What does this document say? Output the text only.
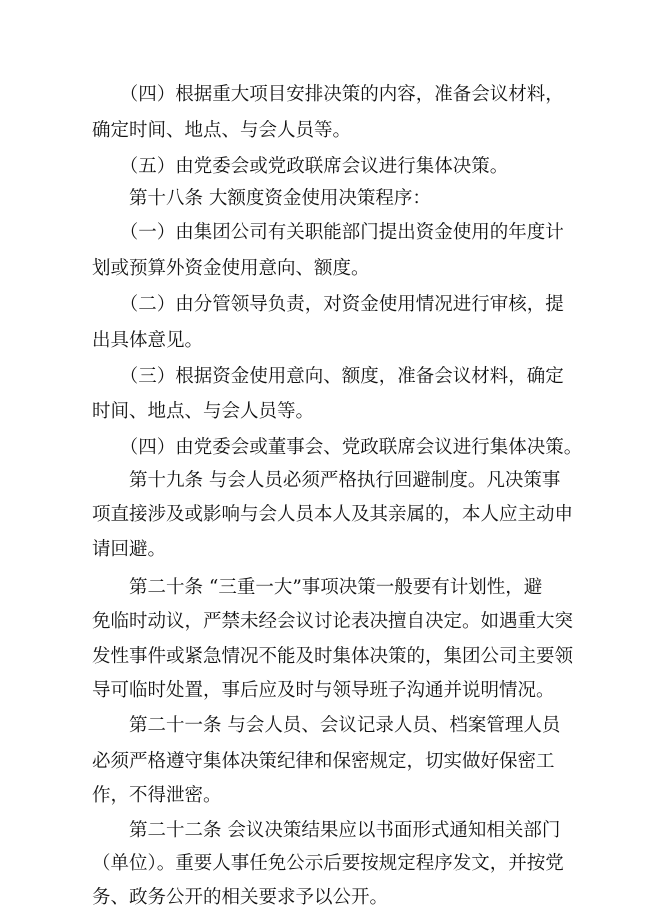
　　（四）根据重大项目安排决策的内容，准备会议材料，
确定时间、地点、与会人员等。
　　（五）由党委会或党政联席会议进行集体决策。
　　第十八条 大额度资金使用决策程序：
　　（一）由集团公司有关职能部门提出资金使用的年度计
划或预算外资金使用意向、额度。
　　（二）由分管领导负责，对资金使用情况进行审核，提
出具体意见。
　　（三）根据资金使用意向、额度，准备会议材料，确定
时间、地点、与会人员等。
　　（四）由党委会或董事会、党政联席会议进行集体决策。
　　第十九条 与会人员必须严格执行回避制度。凡决策事
项直接涉及或影响与会人员本人及其亲属的，本人应主动申
请回避。
　　第二十条 “三重一大”事项决策一般要有计划性，避
免临时动议，严禁未经会议讨论表决擅自决定。如遇重大突
发性事件或紧急情况不能及时集体决策的，集团公司主要领
导可临时处置，事后应及时与领导班子沟通并说明情况。
　　第二十一条 与会人员、会议记录人员、档案管理人员
必须严格遵守集体决策纪律和保密规定，切实做好保密工
作，不得泄密。
　　第二十二条 会议决策结果应以书面形式通知相关部门
（单位）。重要人事任免公示后要按规定程序发文，并按党
务、政务公开的相关要求予以公开。
